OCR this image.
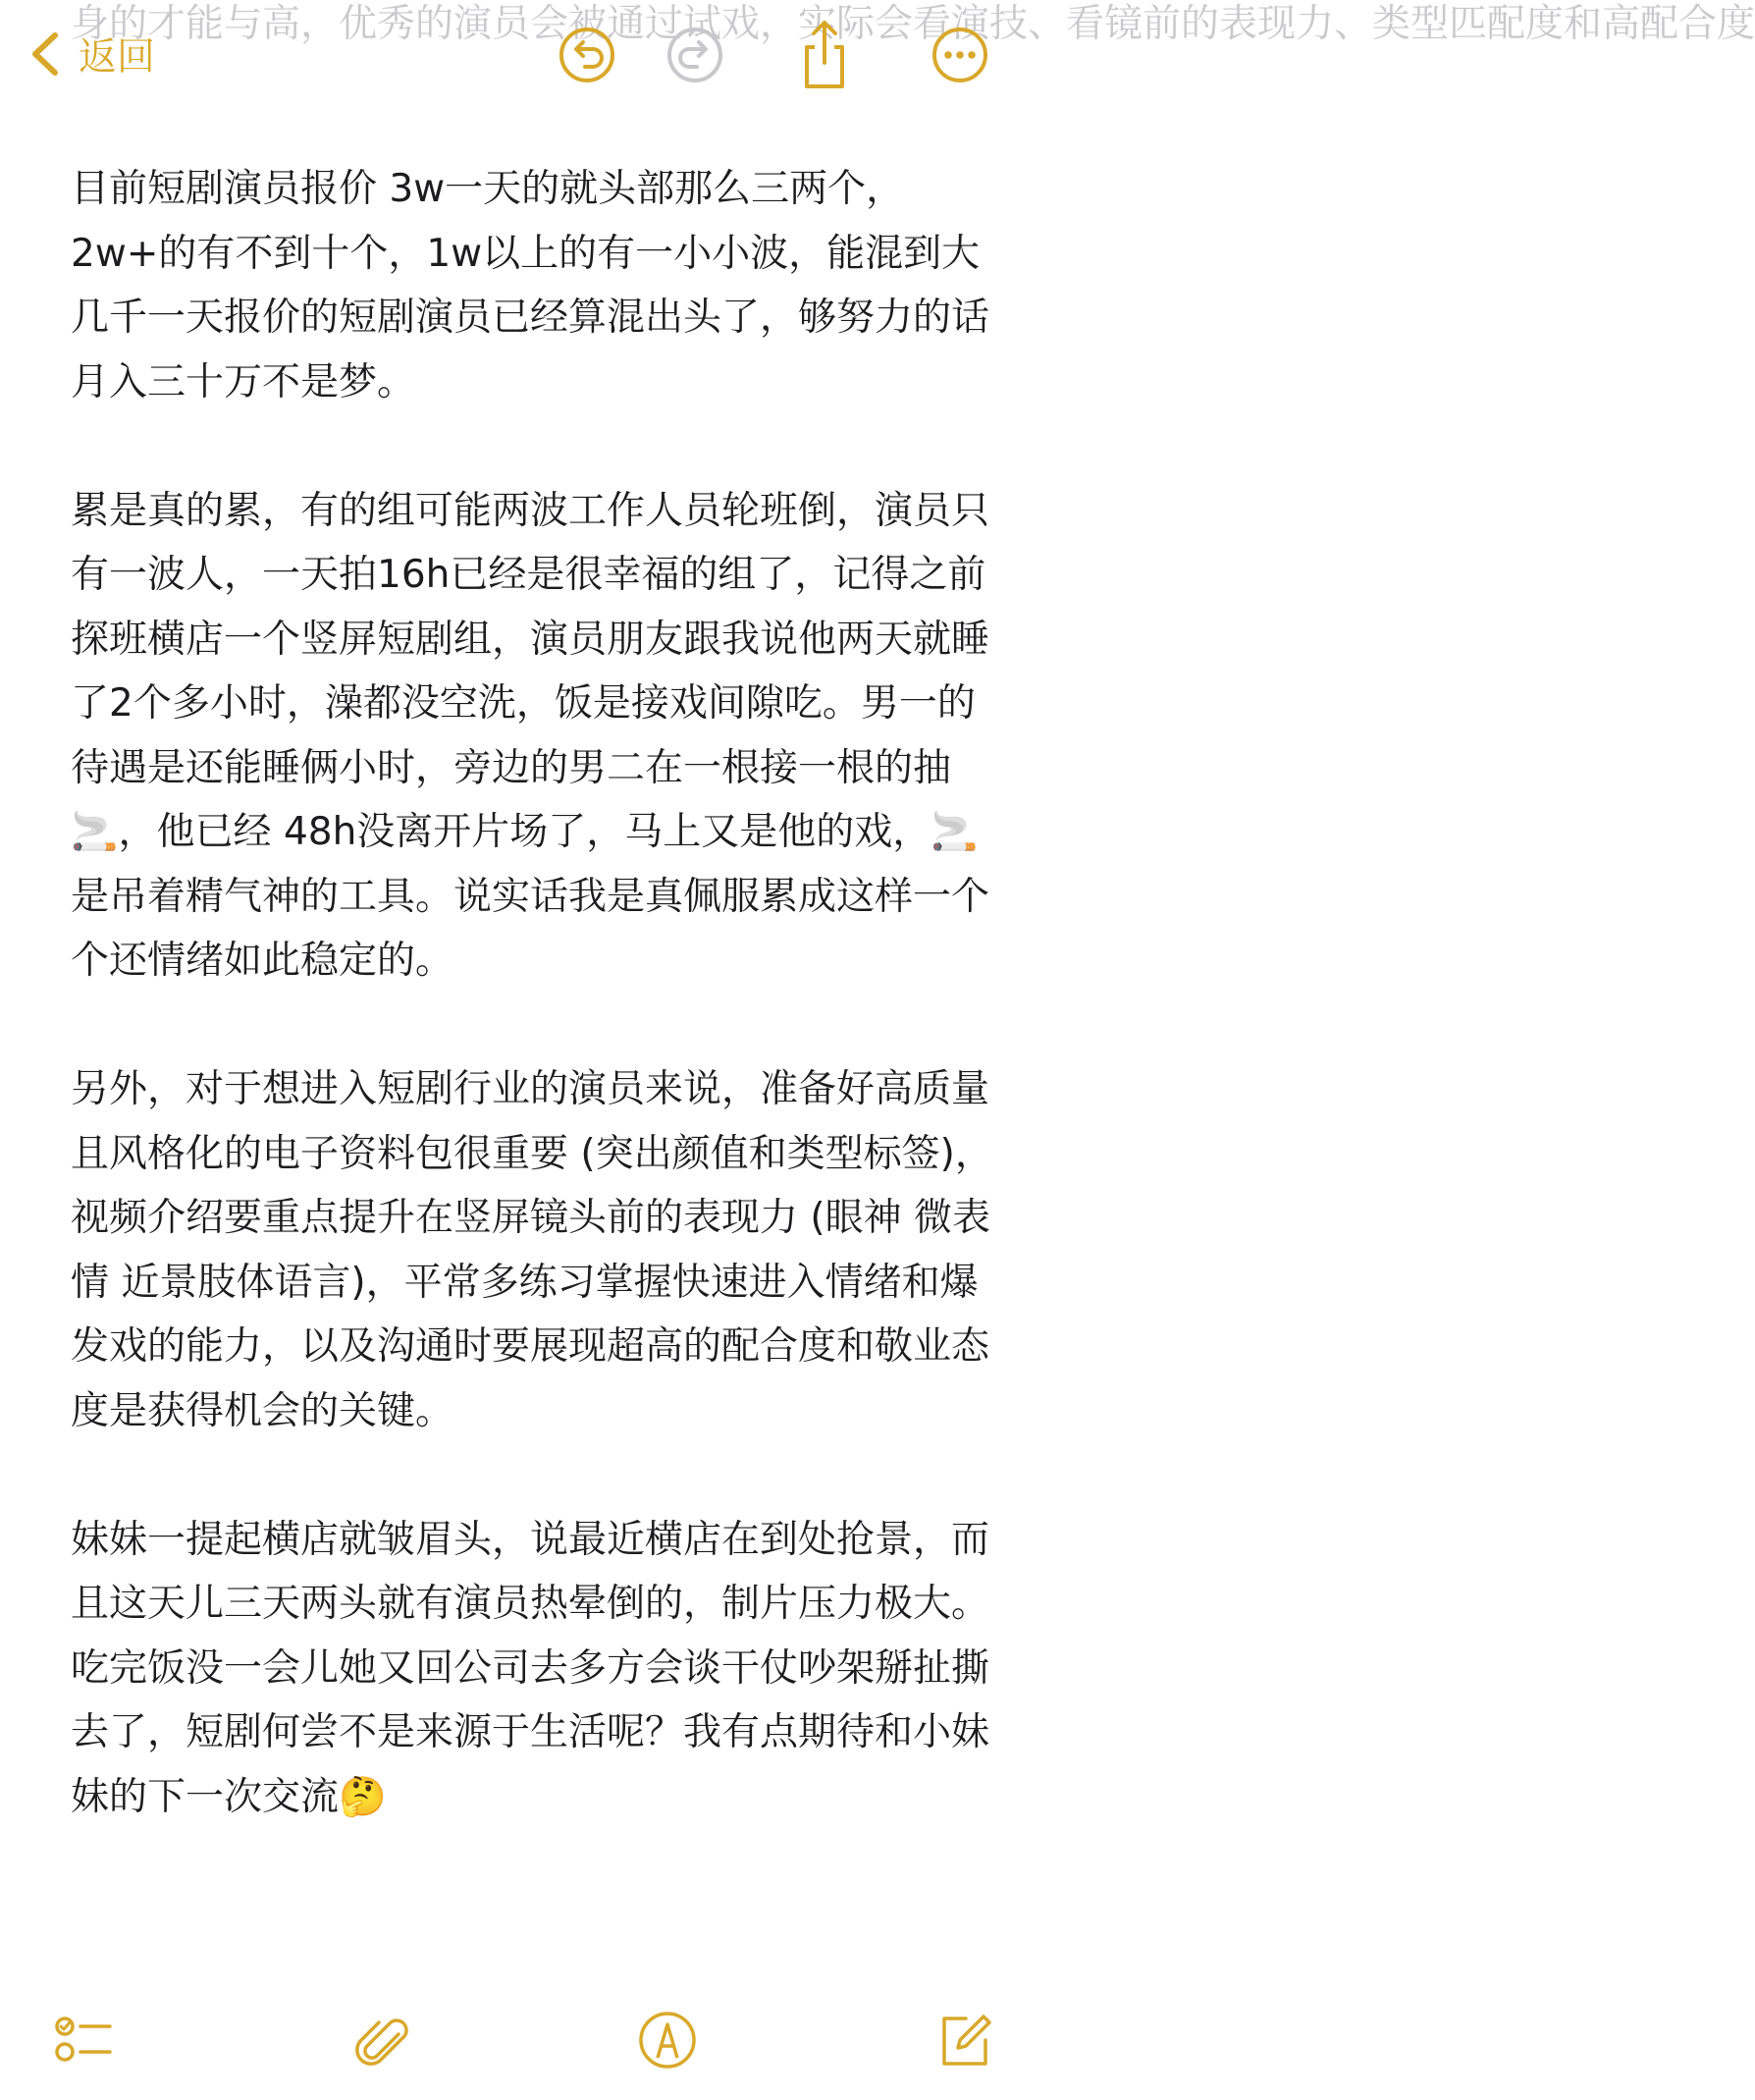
身的才能与高，优秀的演员会被通过试戏，实际会看演技、看镜前的表现力、类型匹配度和高配合度
返回

目前短剧演员报价 3w一天的就头部那么三两个，2w+的有不到十个，1w以上的有一小小波，能混到大几千一天报价的短剧演员已经算混出头了，够努力的话月入三十万不是梦。

累是真的累，有的组可能两波工作人员轮班倒，演员只有一波人，一天拍16h已经是很幸福的组了，记得之前探班横店一个竖屏短剧组，演员朋友跟我说他两天就睡了2个多小时，澡都没空洗，饭是接戏间隙吃。男一的待遇是还能睡俩小时，旁边的男二在一根接一根的抽🚬，他已经 48h没离开片场了，马上又是他的戏，🚬是吊着精气神的工具。说实话我是真佩服累成这样一个个还情绪如此稳定的。

另外，对于想进入短剧行业的演员来说，准备好高质量且风格化的电子资料包很重要 (突出颜值和类型标签)，视频介绍要重点提升在竖屏镜头前的表现力 (眼神 微表情 近景肢体语言)，平常多练习掌握快速进入情绪和爆发戏的能力，以及沟通时要展现超高的配合度和敬业态度是获得机会的关键。

妹妹一提起横店就皱眉头，说最近横店在到处抢景，而且这天儿三天两头就有演员热晕倒的，制片压力极大。吃完饭没一会儿她又回公司去多方会谈干仗吵架掰扯撕去了，短剧何尝不是来源于生活呢？我有点期待和小妹妹的下一次交流🤔
